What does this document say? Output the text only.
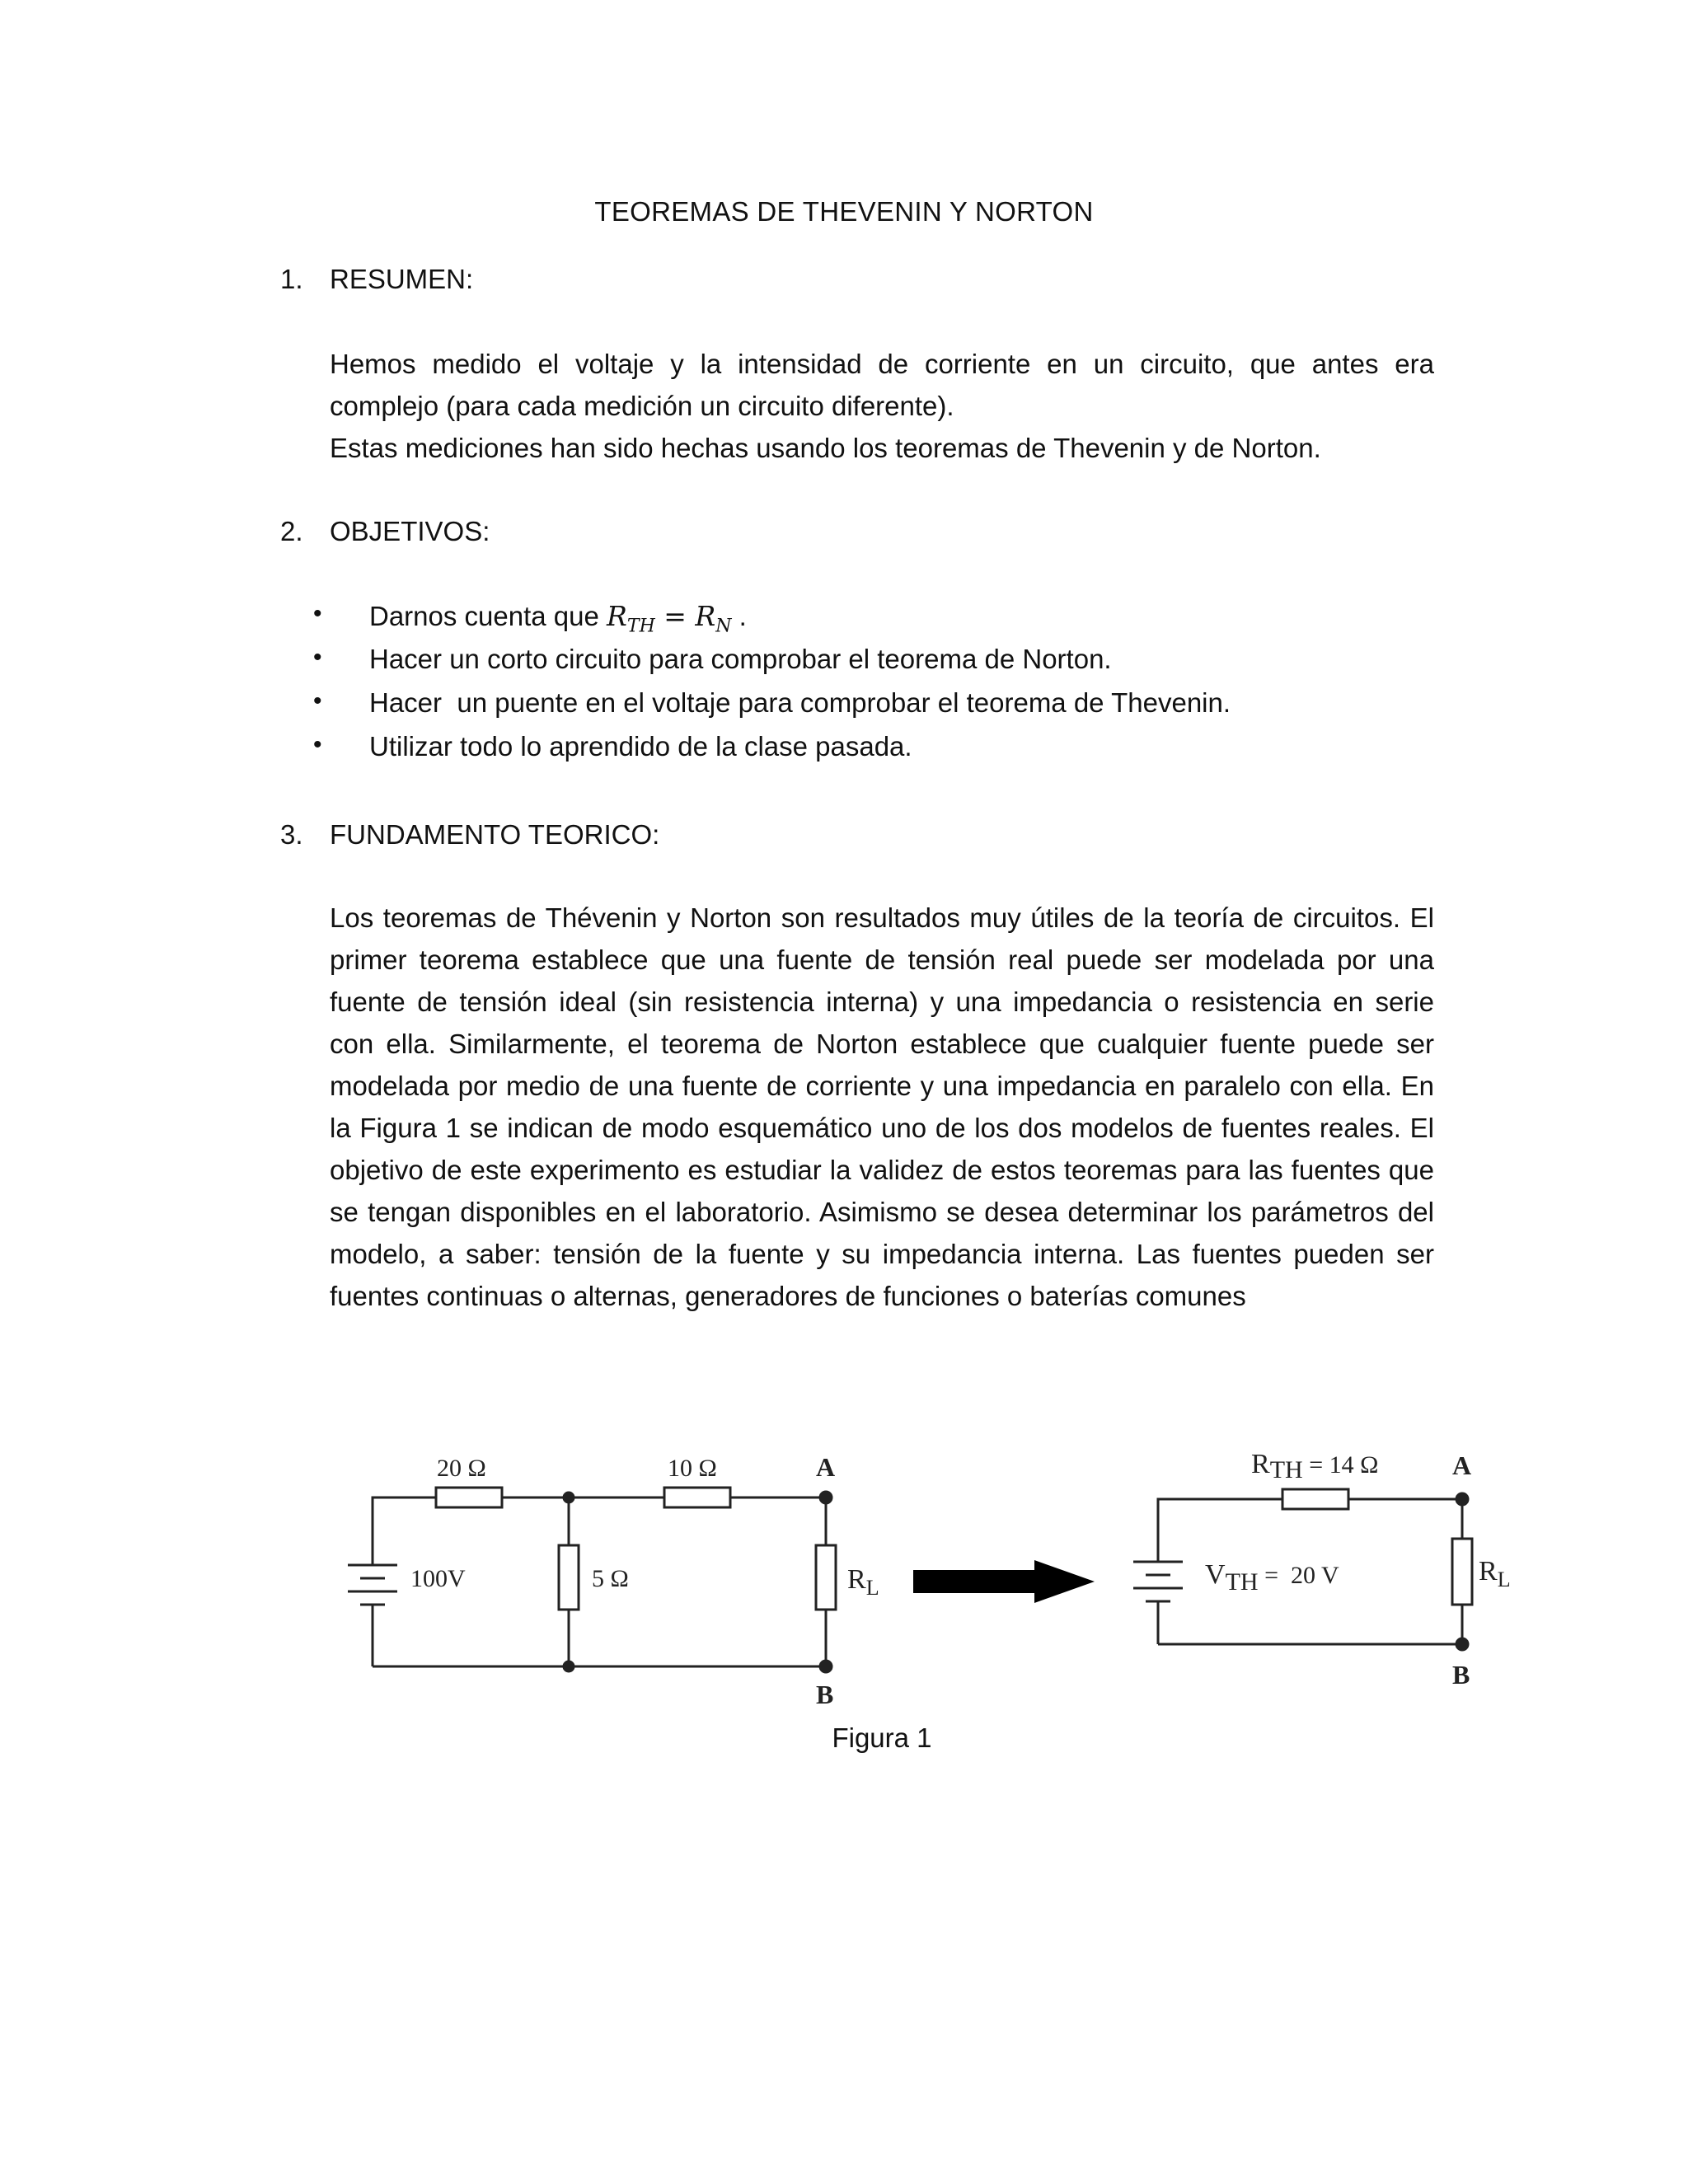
TEOREMAS DE THEVENIN Y NORTON
1. RESUMEN:
Hemos medido el voltaje y la intensidad de corriente en un circuito, que antes era
complejo (para cada medición un circuito diferente).
Estas mediciones han sido hechas usando los teoremas de Thevenin y de Norton.
2. OBJETIVOS:
• Darnos cuenta que $R_{TH} = R_N$ .
• Hacer un corto circuito para comprobar el teorema de Norton.
• Hacer  un puente en el voltaje para comprobar el teorema de Thevenin.
• Utilizar todo lo aprendido de la clase pasada.
3. FUNDAMENTO TEORICO:
Los teoremas de Thévenin y Norton son resultados muy útiles de la teoría de circuitos. El
primer teorema establece que una fuente de tensión real puede ser modelada por una
fuente de tensión ideal (sin resistencia interna) y una impedancia o resistencia en serie
con ella. Similarmente, el teorema de Norton establece que cualquier fuente puede ser
modelada por medio de una fuente de corriente y una impedancia en paralelo con ella. En
la Figura 1 se indican de modo esquemático uno de los dos modelos de fuentes reales. El
objetivo de este experimento es estudiar la validez de estos teoremas para las fuentes que
se tengan disponibles en el laboratorio. Asimismo se desea determinar los parámetros del
modelo, a saber: tensión de la fuente y su impedancia interna. Las fuentes pueden ser
fuentes continuas o alternas, generadores de funciones o baterías comunes
20 Ω	10 Ω
5 Ω
100V	$R_L$
A
B
RTH = 14 Ω
VTH =  20 V	$R_L$
A
B
Figura 1
